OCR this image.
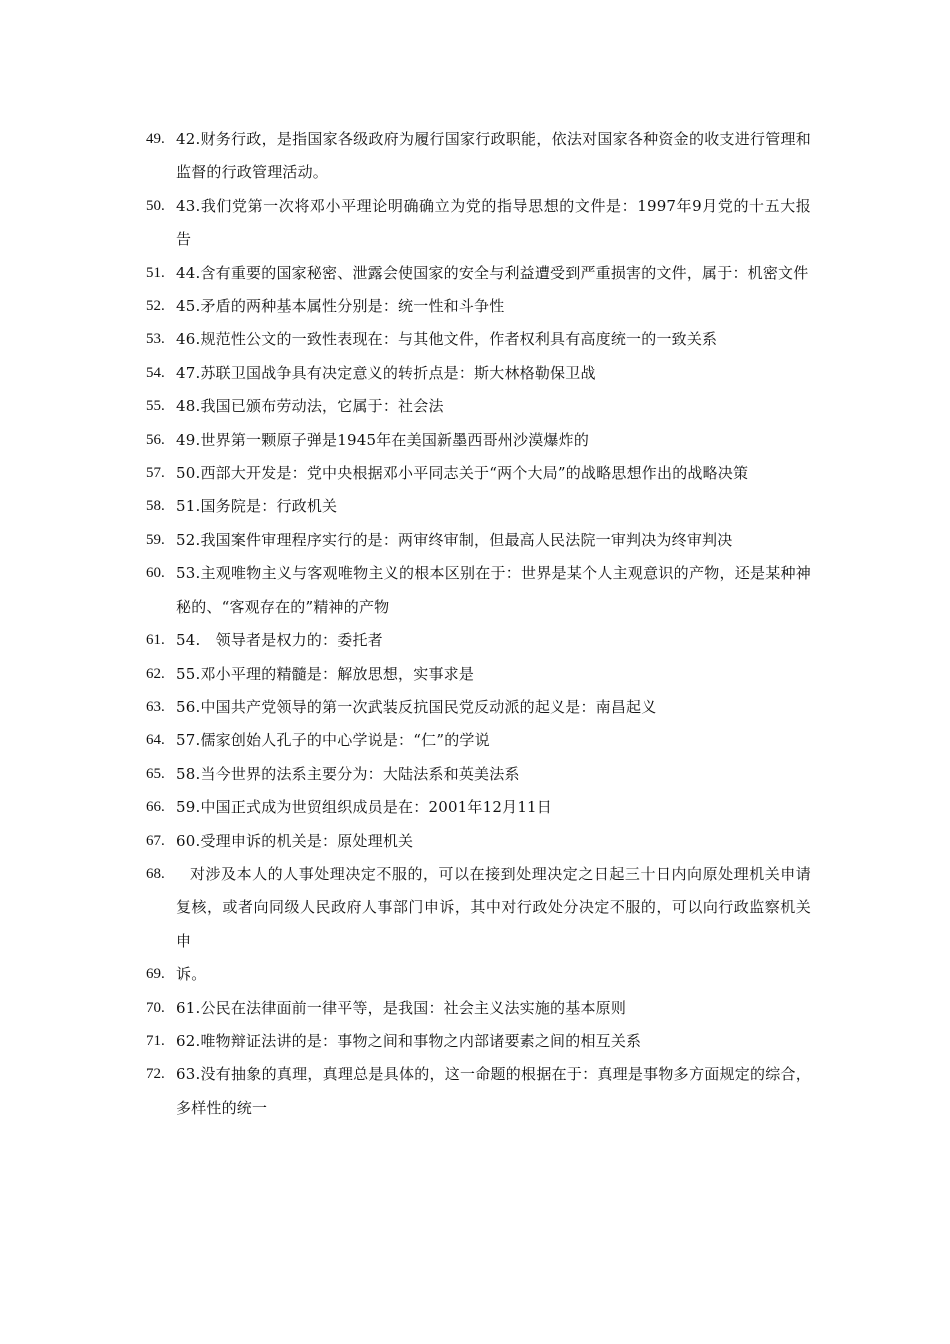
49. 42.财务行政，是指国家各级政府为履行国家行政职能，依法对国家各种资金的收支进行管理和监督的行政管理活动。

50. 43.我们党第一次将邓小平理论明确确立为党的指导思想的文件是：1997年9月党的十五大报告

51. 44.含有重要的国家秘密、泄露会使国家的安全与利益遭受到严重损害的文件，属于：机密文件

52. 45.矛盾的两种基本属性分别是：统一性和斗争性

53. 46.规范性公文的一致性表现在：与其他文件，作者权利具有高度统一的一致关系

54. 47.苏联卫国战争具有决定意义的转折点是：斯大林格勒保卫战

55. 48.我国已颁布劳动法，它属于：社会法

56. 49.世界第一颗原子弹是1945年在美国新墨西哥州沙漠爆炸的

57. 50.西部大开发是：党中央根据邓小平同志关于“两个大局”的战略思想作出的战略决策

58. 51.国务院是：行政机关

59. 52.我国案件审理程序实行的是：两审终审制，但最高人民法院一审判决为终审判决

60. 53.主观唯物主义与客观唯物主义的根本区别在于：世界是某个人主观意识的产物，还是某种神秘的、“客观存在的”精神的产物

61. 54.　领导者是权力的：委托者

62. 55.邓小平理的精髓是：解放思想，实事求是

63. 56.中国共产党领导的第一次武装反抗国民党反动派的起义是：南昌起义

64. 57.儒家创始人孔子的中心学说是：“仁”的学说

65. 58.当今世界的法系主要分为：大陆法系和英美法系

66. 59.中国正式成为世贸组织成员是在：2001年12月11日

67. 60.受理申诉的机关是：原处理机关

68.	对涉及本人的人事处理决定不服的，可以在接到处理决定之日起三十日内向原处理机关申请复核，或者向同级人民政府人事部门申诉，其中对行政处分决定不服的，可以向行政监察机关申

69. 诉。

70. 61.公民在法律面前一律平等，是我国：社会主义法实施的基本原则

71. 62.唯物辩证法讲的是：事物之间和事物之内部诸要素之间的相互关系

72. 63.没有抽象的真理，真理总是具体的，这一命题的根据在于：真理是事物多方面规定的综合，多样性的统一
